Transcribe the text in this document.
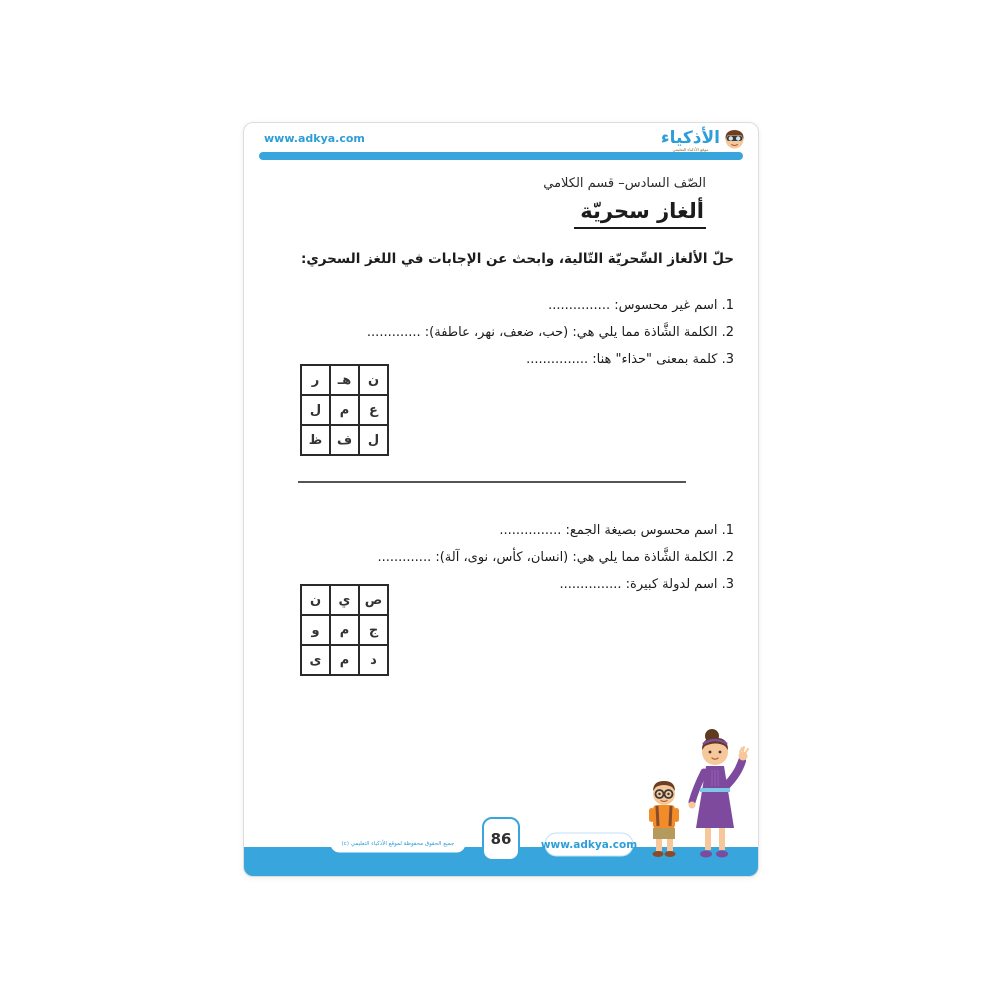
www.adkya.com	الأذكياء
موقع الأذكياء التعليمي
الصّف السادس– قسم الكلامي
ألغاز سحريّة
حلّ الألغاز السِّحريّة التّالية، وابحث عن الإجابات في اللغز السحري:
1. اسم غير محسوس: ...............
2. الكلمة الشَّاذة مما يلي هي: (حب، ضعف، نهر، عاطفة): .............
3. كلمة بمعنى "حذاء" هنا: ...............
ن	هـ	ر
ع	م	ل
ل	ف	ظ
1. اسم محسوس بصيغة الجمع: ...............
2. الكلمة الشَّاذة مما يلي هي: (انسان، كأس، نوى، آلة): .............
3. اسم لدولة كبيرة: ...............
ص	ي	ن
ج	م	و
د	م	ى
جميع الحقوق محفوظة لموقع الأذكياء التعليمي (c)	86	www.adkya.com
